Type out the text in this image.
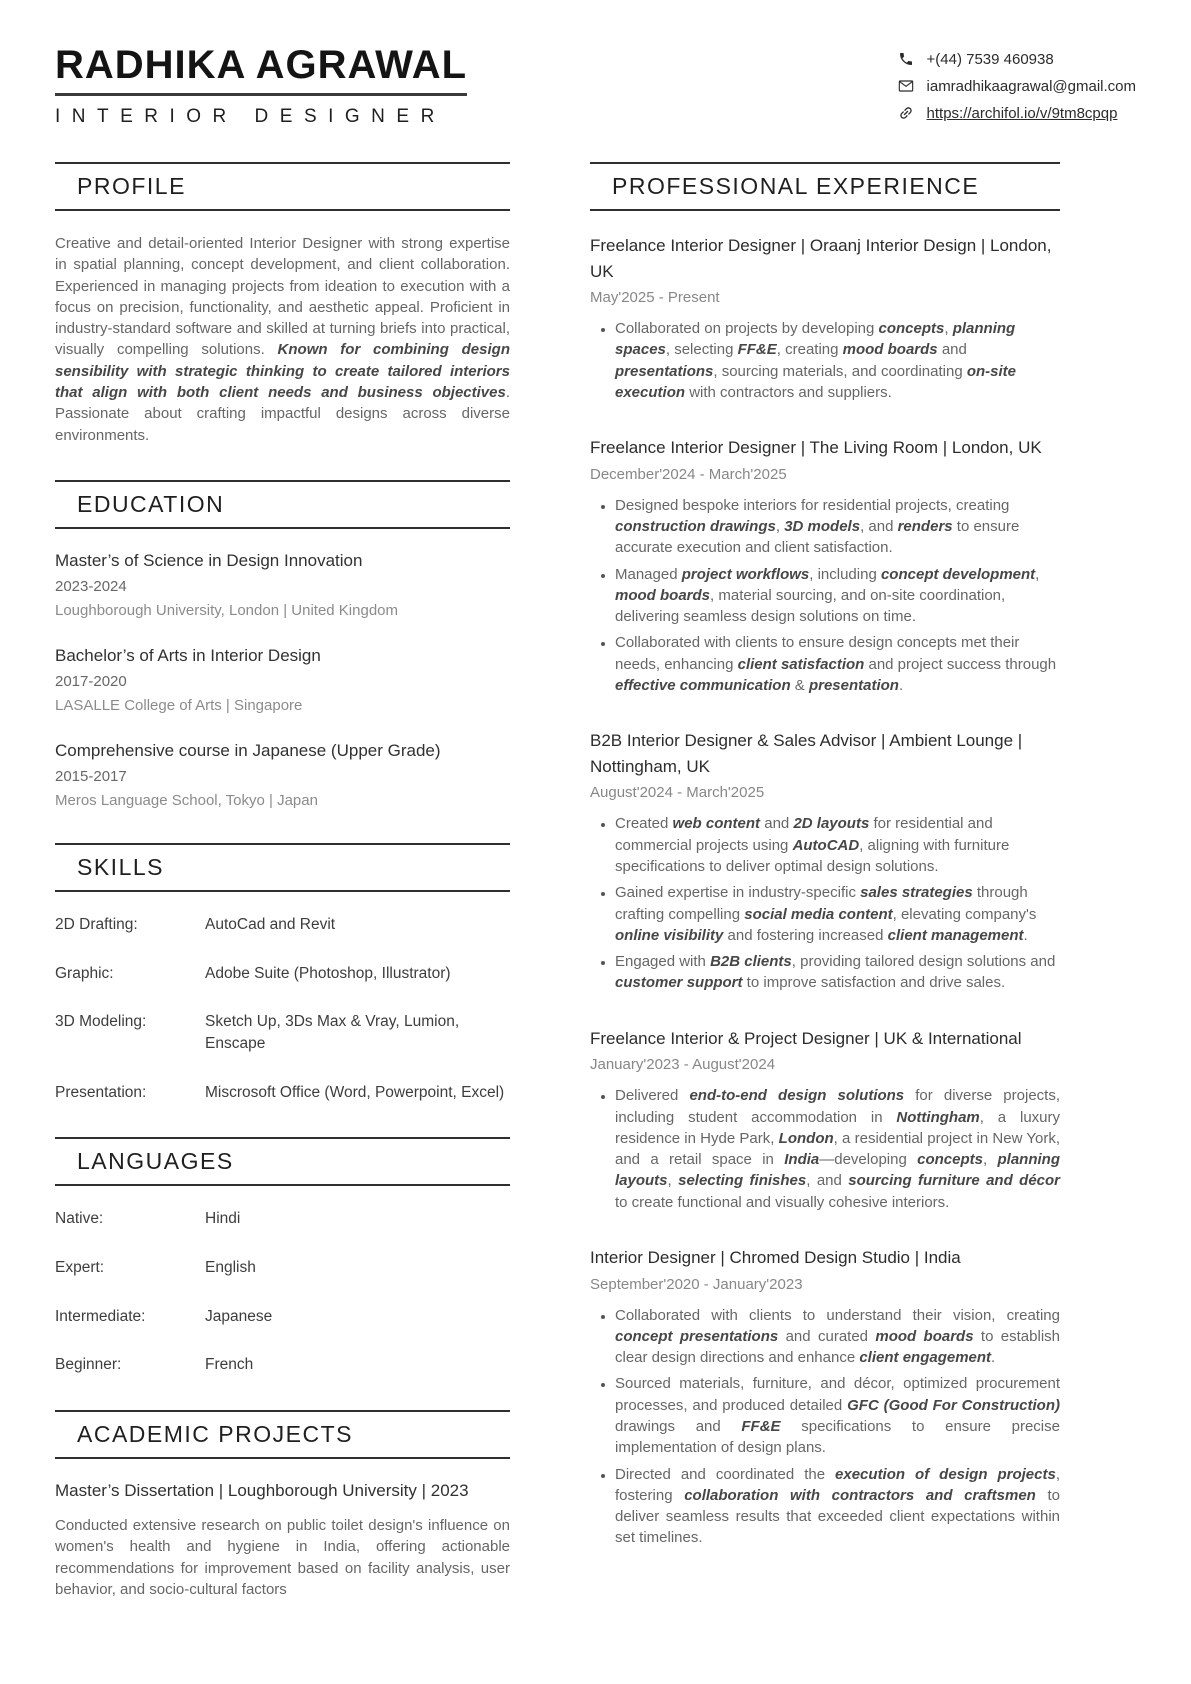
RADHIKA AGRAWAL
INTERIOR DESIGNER
+(44) 7539 460938
iamradhikaagrawal@gmail.com
https://archifol.io/v/9tm8cpqp
PROFILE

Creative and detail-oriented Interior Designer with strong expertise in spatial planning, concept development, and client collaboration. Experienced in managing projects from ideation to execution with a focus on precision, functionality, and aesthetic appeal. Proficient in industry-standard software and skilled at turning briefs into practical, visually compelling solutions. Known for combining design sensibility with strategic thinking to create tailored interiors that align with both client needs and business objectives. Passionate about crafting impactful designs across diverse environments.

EDUCATION
Master’s of Science in Design Innovation
2023-2024
Loughborough University, London | United Kingdom
Bachelor’s of Arts in Interior Design
2017-2020
LASALLE College of Arts | Singapore
Comprehensive course in Japanese (Upper Grade)
2015-2017
Meros Language School, Tokyo | Japan
SKILLS
2D Drafting:	AutoCad and Revit
Graphic:	Adobe Suite (Photoshop, Illustrator)
3D Modeling:	Sketch Up, 3Ds Max & Vray, Lumion, Enscape
Presentation:	Miscrosoft Office (Word, Powerpoint, Excel)
LANGUAGES
Native:	Hindi
Expert:	English
Intermediate:	Japanese
Beginner:	French
ACADEMIC PROJECTS
Master’s Dissertation | Loughborough University | 2023

Conducted extensive research on public toilet design's influence on women's health and hygiene in India, offering actionable recommendations for improvement based on facility analysis, user behavior, and socio-cultural factors

PROFESSIONAL EXPERIENCE
Freelance Interior Designer | Oraanj Interior Design | London, UK
May'2025 - Present
• Collaborated on projects by developing concepts, planning spaces, selecting FF&E, creating mood boards and presentations, sourcing materials, and coordinating on-site execution with contractors and suppliers.
Freelance Interior Designer | The Living Room | London, UK
December'2024 - March'2025
• Designed bespoke interiors for residential projects, creating construction drawings, 3D models, and renders to ensure accurate execution and client satisfaction.
• Managed project workflows, including concept development, mood boards, material sourcing, and on-site coordination, delivering seamless design solutions on time.
• Collaborated with clients to ensure design concepts met their needs, enhancing client satisfaction and project success through effective communication & presentation.
B2B Interior Designer & Sales Advisor | Ambient Lounge | Nottingham, UK
August'2024 - March'2025
• Created web content and 2D layouts for residential and commercial projects using AutoCAD, aligning with furniture specifications to deliver optimal design solutions.
• Gained expertise in industry-specific sales strategies through crafting compelling social media content, elevating company's online visibility and fostering increased client management.
• Engaged with B2B clients, providing tailored design solutions and customer support to improve satisfaction and drive sales.
Freelance Interior & Project Designer | UK & International
January'2023 - August'2024
• Delivered end-to-end design solutions for diverse projects, including student accommodation in Nottingham, a luxury residence in Hyde Park, London, a residential project in New York, and a retail space in India—developing concepts, planning layouts, selecting finishes, and sourcing furniture and décor to create functional and visually cohesive interiors.
Interior Designer | Chromed Design Studio | India
September'2020 - January'2023
• Collaborated with clients to understand their vision, creating concept presentations and curated mood boards to establish clear design directions and enhance client engagement.
• Sourced materials, furniture, and décor, optimized procurement processes, and produced detailed GFC (Good For Construction) drawings and FF&E specifications to ensure precise implementation of design plans.
• Directed and coordinated the execution of design projects, fostering collaboration with contractors and craftsmen to deliver seamless results that exceeded client expectations within set timelines.
